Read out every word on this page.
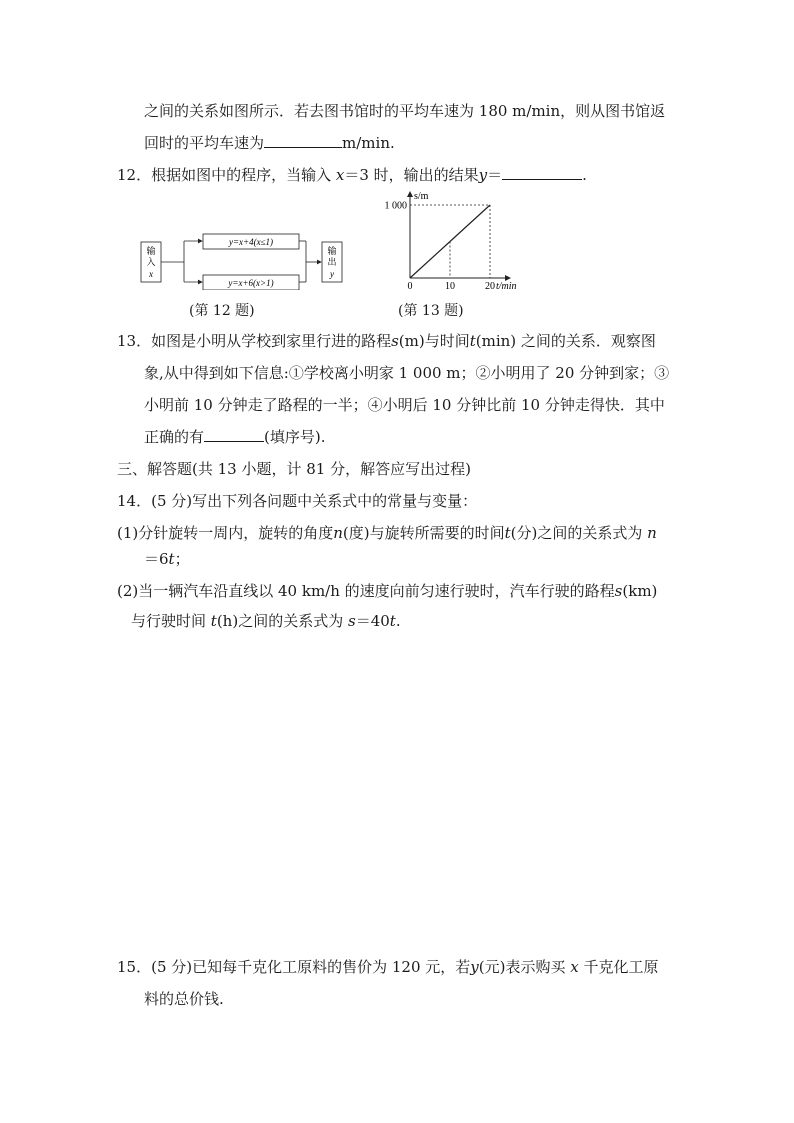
之间的关系如图所示．若去图书馆时的平均车速为 180 m/min，则从图书馆返
回时的平均车速为	m/min.
12．根据如图中的程序，当输入 x＝3 时，输出的结果y＝	.
输
入
x
y=x+4(x≤1)
y=x+6(x>1)
输
出
y
(第 12 题)
s/m
t/min
0	10	20
1 000
(第 13 题)
13．如图是小明从学校到家里行进的路程s(m)与时间t(min) 之间的关系．观察图
象,从中得到如下信息:①学校离小明家 1 000 m；②小明用了 20 分钟到家；③
小明前 10 分钟走了路程的一半；④小明后 10 分钟比前 10 分钟走得快．其中
正确的有	(填序号).
三、解答题(共 13 小题，计 81 分，解答应写出过程)
14．(5 分)写出下列各问题中关系式中的常量与变量：
(1)分针旋转一周内，旋转的角度n(度)与旋转所需要的时间t(分)之间的关系式为 n
＝6t；
(2)当一辆汽车沿直线以 40 km/h 的速度向前匀速行驶时，汽车行驶的路程s(km)
与行驶时间 t(h)之间的关系式为 s＝40t.
15．(5 分)已知每千克化工原料的售价为 120 元，若y(元)表示购买 x 千克化工原
料的总价钱.
